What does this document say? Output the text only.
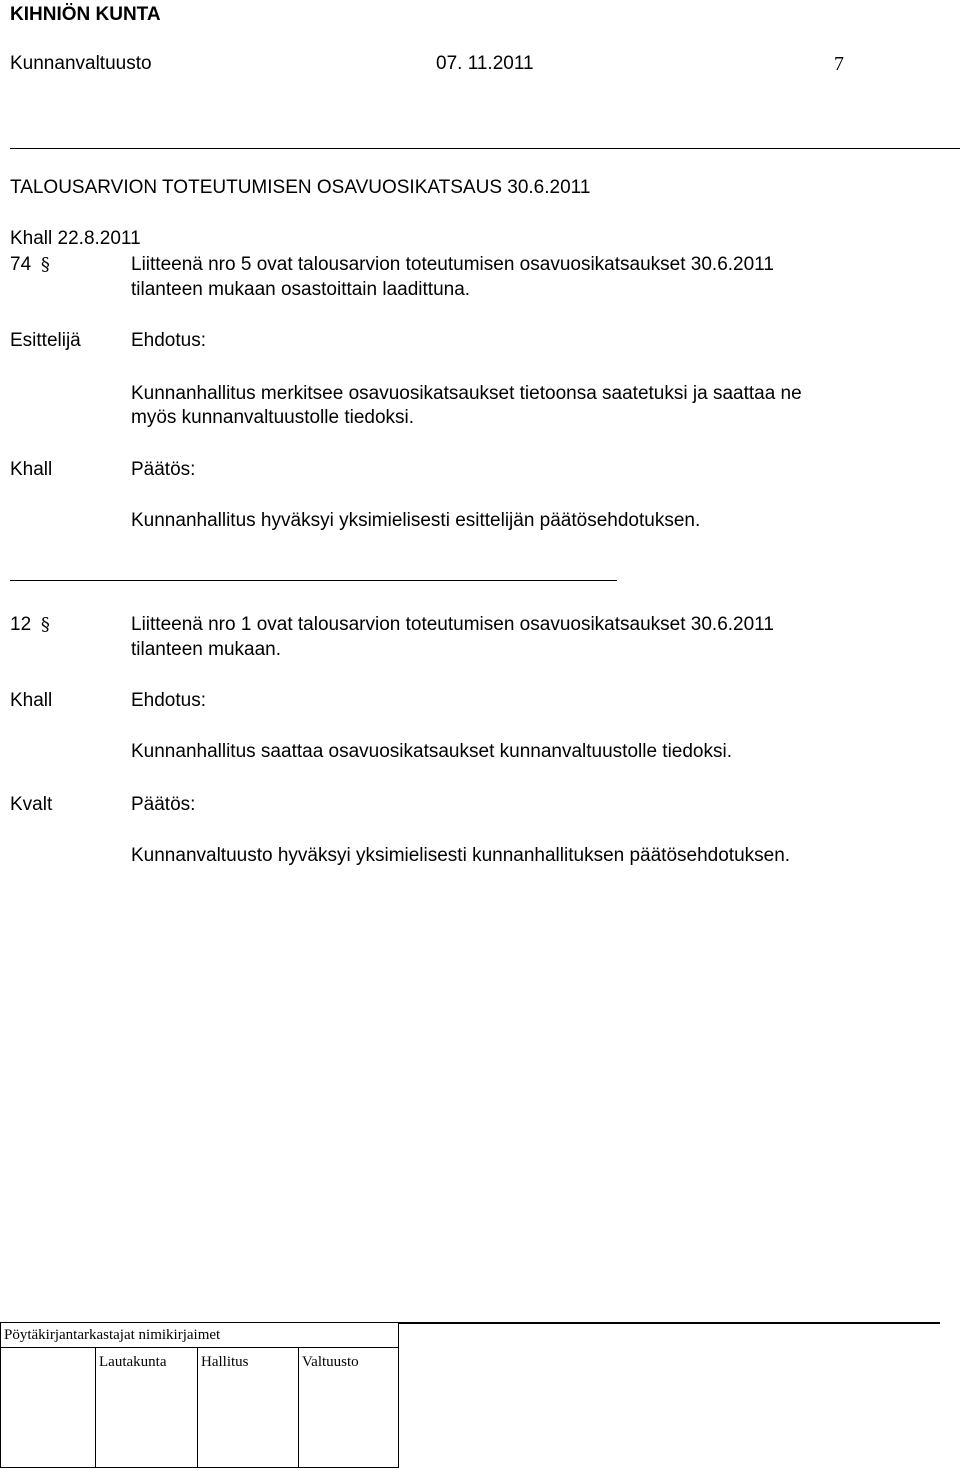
KIHNIÖN KUNTA
Kunnanvaltuusto	07. 11.2011	7
TALOUSARVION TOTEUTUMISEN OSAVUOSIKATSAUS 30.6.2011
Khall 22.8.2011
74 §	Liitteenä nro 5 ovat talousarvion toteutumisen osavuosikatsaukset 30.6.2011
tilanteen mukaan osastoittain laadittuna.
Esittelijä	Ehdotus:
Kunnanhallitus merkitsee osavuosikatsaukset tietoonsa saatetuksi ja saattaa ne
myös kunnanvaltuustolle tiedoksi.
Khall	Päätös:
Kunnanhallitus hyväksyi yksimielisesti esittelijän päätösehdotuksen.
12 §	Liitteenä nro 1 ovat talousarvion toteutumisen osavuosikatsaukset 30.6.2011
tilanteen mukaan.
Khall	Ehdotus:
Kunnanhallitus saattaa osavuosikatsaukset kunnanvaltuustolle tiedoksi.
Kvalt	Päätös:
Kunnanvaltuusto hyväksyi yksimielisesti kunnanhallituksen päätösehdotuksen.
Pöytäkirjantarkastajat nimikirjaimet
Lautakunta Hallitus	Valtuusto
